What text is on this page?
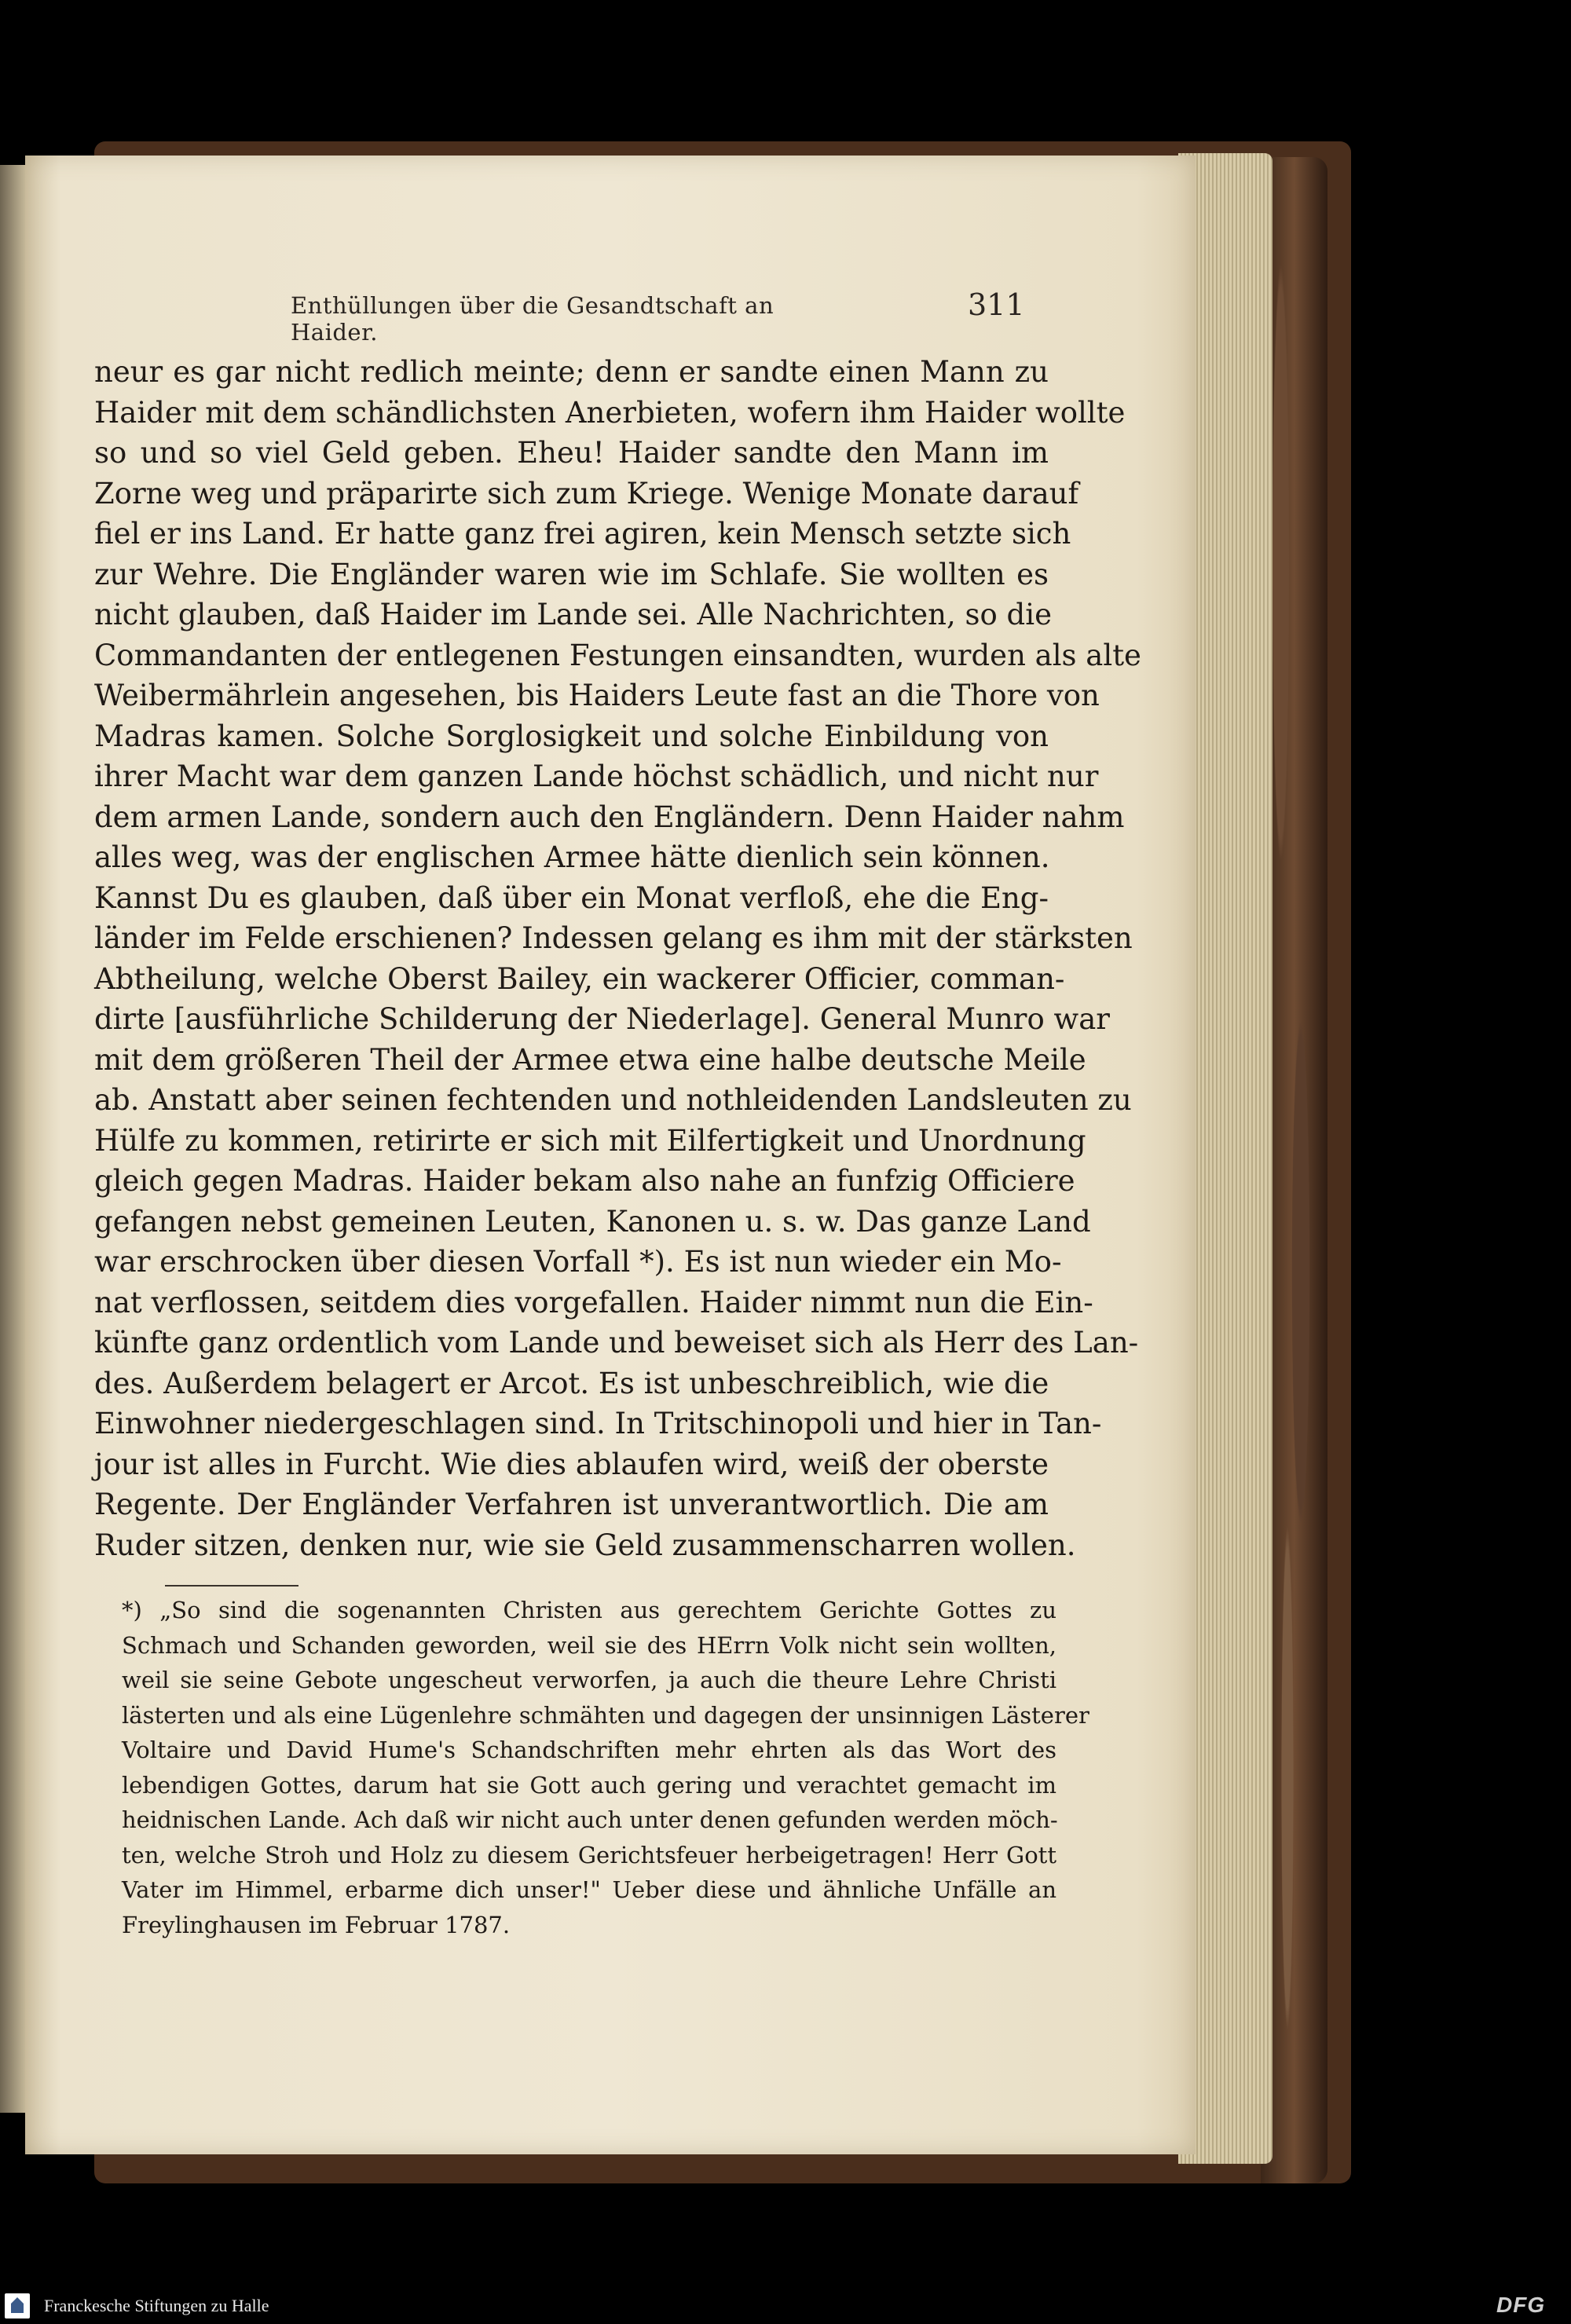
Enthüllungen über die Gesandtschaft an Haider.
311
neur es gar nicht redlich meinte; denn er sandte einen Mann zu
Haider mit dem schändlichsten Anerbieten, wofern ihm Haider wollte
so und so viel Geld geben. Eheu! Haider sandte den Mann im
Zorne weg und präparirte sich zum Kriege. Wenige Monate darauf
fiel er ins Land. Er hatte ganz frei agiren, kein Mensch setzte sich
zur Wehre. Die Engländer waren wie im Schlafe. Sie wollten es
nicht glauben, daß Haider im Lande sei. Alle Nachrichten, so die
Commandanten der entlegenen Festungen einsandten, wurden als alte
Weibermährlein angesehen, bis Haiders Leute fast an die Thore von
Madras kamen. Solche Sorglosigkeit und solche Einbildung von
ihrer Macht war dem ganzen Lande höchst schädlich, und nicht nur
dem armen Lande, sondern auch den Engländern. Denn Haider nahm
alles weg, was der englischen Armee hätte dienlich sein können.
Kannst Du es glauben, daß über ein Monat verfloß, ehe die Eng-
länder im Felde erschienen? Indessen gelang es ihm mit der stärksten
Abtheilung, welche Oberst Bailey, ein wackerer Officier, comman-
dirte [ausführliche Schilderung der Niederlage]. General Munro war
mit dem größeren Theil der Armee etwa eine halbe deutsche Meile
ab. Anstatt aber seinen fechtenden und nothleidenden Landsleuten zu
Hülfe zu kommen, retirirte er sich mit Eilfertigkeit und Unordnung
gleich gegen Madras. Haider bekam also nahe an funfzig Officiere
gefangen nebst gemeinen Leuten, Kanonen u. s. w. Das ganze Land
war erschrocken über diesen Vorfall *). Es ist nun wieder ein Mo-
nat verflossen, seitdem dies vorgefallen. Haider nimmt nun die Ein-
künfte ganz ordentlich vom Lande und beweiset sich als Herr des Lan-
des. Außerdem belagert er Arcot. Es ist unbeschreiblich, wie die
Einwohner niedergeschlagen sind. In Tritschinopoli und hier in Tan-
jour ist alles in Furcht. Wie dies ablaufen wird, weiß der oberste
Regente. Der Engländer Verfahren ist unverantwortlich. Die am
Ruder sitzen, denken nur, wie sie Geld zusammenscharren wollen.
*) „So sind die sogenannten Christen aus gerechtem Gerichte Gottes zu
Schmach und Schanden geworden, weil sie des HErrn Volk nicht sein wollten,
weil sie seine Gebote ungescheut verworfen, ja auch die theure Lehre Christi
lästerten und als eine Lügenlehre schmähten und dagegen der unsinnigen Lästerer
Voltaire und David Hume's Schandschriften mehr ehrten als das Wort des
lebendigen Gottes, darum hat sie Gott auch gering und verachtet gemacht im
heidnischen Lande. Ach daß wir nicht auch unter denen gefunden werden möch-
ten, welche Stroh und Holz zu diesem Gerichtsfeuer herbeigetragen! Herr Gott
Vater im Himmel, erbarme dich unser!" Ueber diese und ähnliche Unfälle an
Freylinghausen im Februar 1787.
Franckesche Stiftungen zu Halle	DFG
